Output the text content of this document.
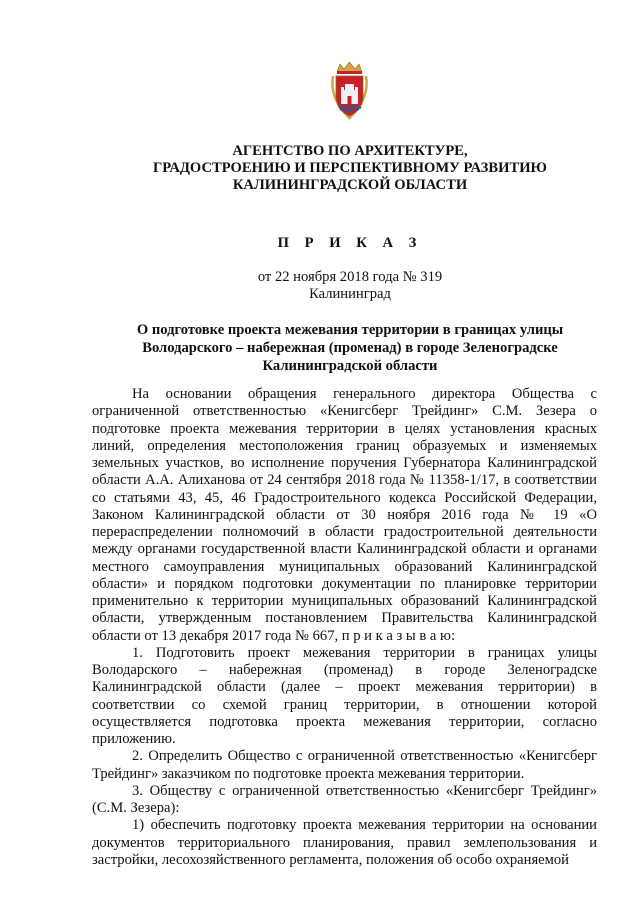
АГЕНТСТВО ПО АРХИТЕКТУРЕ,
ГРАДОСТРОЕНИЮ И ПЕРСПЕКТИВНОМУ РАЗВИТИЮ
КАЛИНИНГРАДСКОЙ ОБЛАСТИ
П Р И К А З
от 22 ноября 2018 года № 319
Калининград
О подготовке проекта межевания территории в границах улицы
Володарского – набережная (променад) в городе Зеленоградске
Калининградской области

На основании обращения генерального директора Общества с ограниченной ответственностью «Кенигсберг Трейдинг» С.М. Зезера о подготовке проекта межевания территории в целях установления красных линий, определения местоположения границ образуемых и изменяемых земельных участков, во исполнение поручения Губернатора Калининградской области А.А. Алиханова от 24 сентября 2018 года № 11358-1/17, в соответствии со статьями 43, 45, 46 Градостроительного кодекса Российской Федерации, Законом Калининградской области от 30 ноября 2016 года № 19 «О перераспределении полномочий в области градостроительной деятельности между органами государственной власти Калининградской области и органами местного самоуправления муниципальных образований Калининградской области» и порядком подготовки документации по планировке территории применительно к территории муниципальных образований Калининградской области, утвержденным постановлением Правительства Калининградской области от 13 декабря 2017 года № 667, п р и к а з ы в а ю:

1. Подготовить проект межевания территории в границах улицы Володарского – набережная (променад) в городе Зеленоградске Калининградской области (далее – проект межевания территории) в соответствии со схемой границ территории, в отношении которой осуществляется подготовка проекта межевания территории, согласно приложению.

2. Определить Общество с ограниченной ответственностью «Кенигсберг Трейдинг» заказчиком по подготовке проекта межевания территории.

3. Обществу с ограниченной ответственностью «Кенигсберг Трейдинг» (С.М. Зезера):

1) обеспечить подготовку проекта межевания территории на основании документов территориального планирования, правил землепользования и застройки, лесохозяйственного регламента, положения об особо охраняемой
